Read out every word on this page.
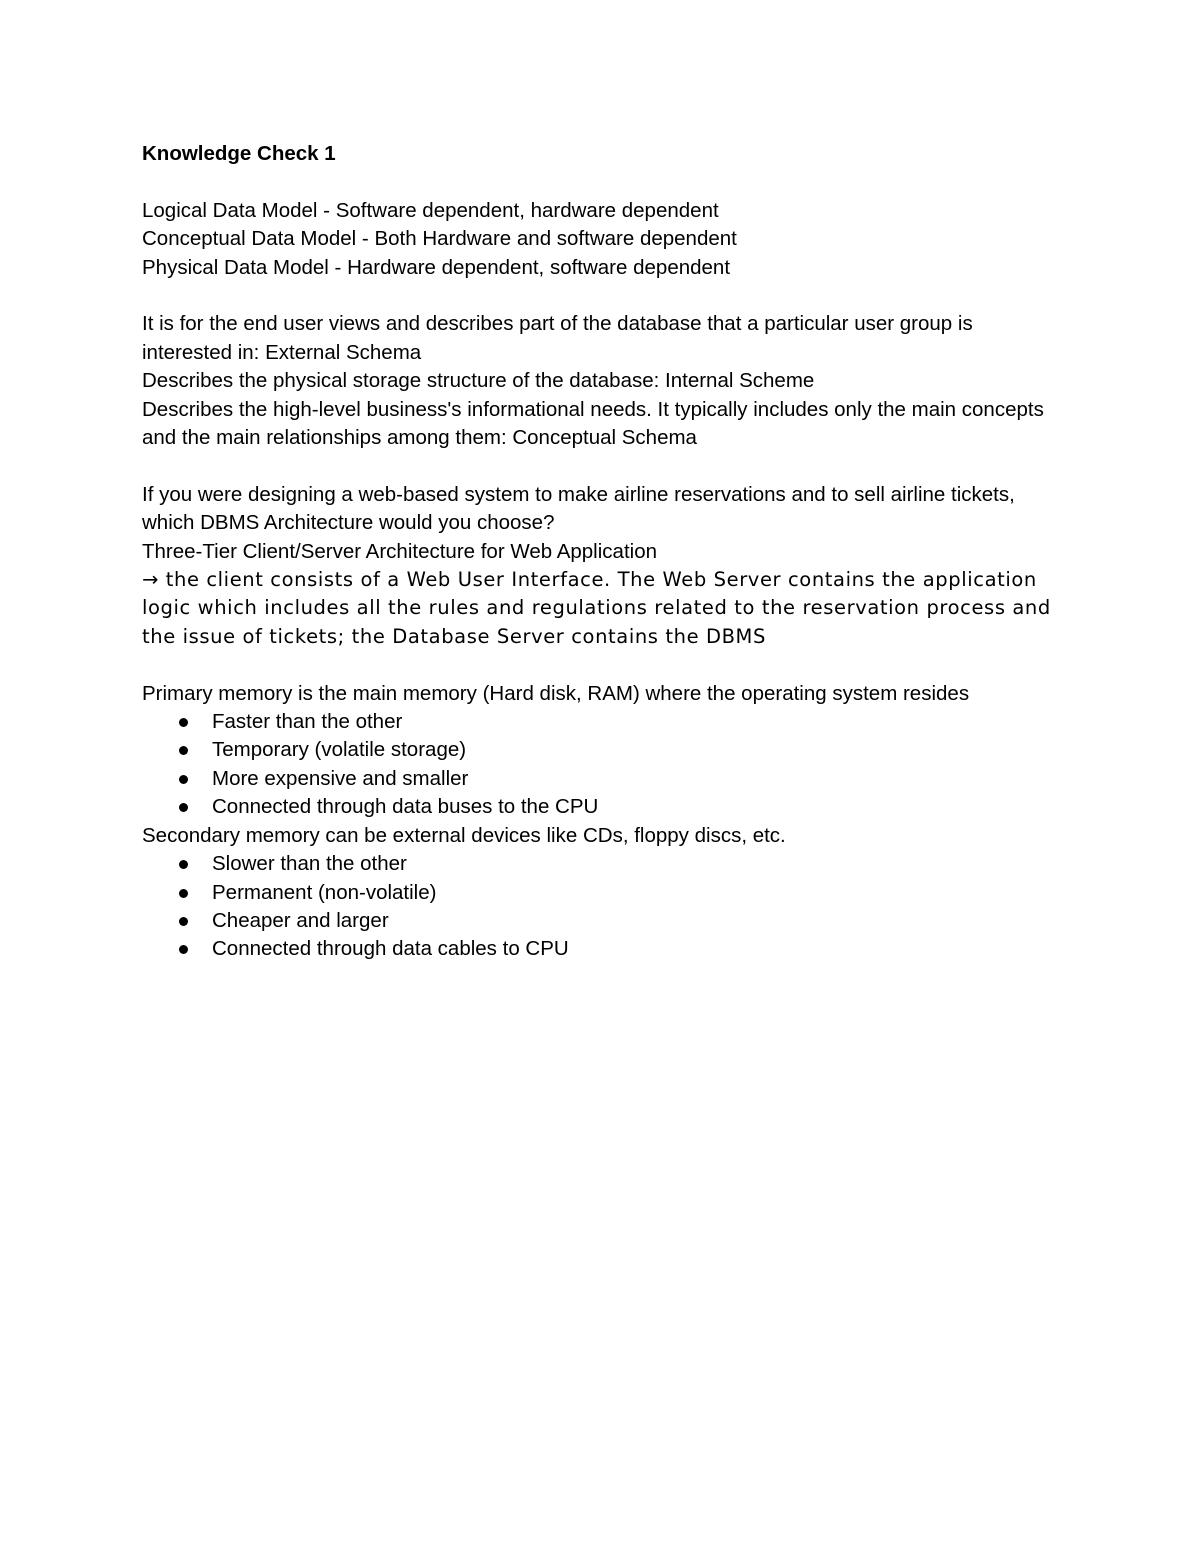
Knowledge Check 1

Logical Data Model - Software dependent, hardware dependent

Conceptual Data Model - Both Hardware and software dependent

Physical Data Model - Hardware dependent, software dependent

It is for the end user views and describes part of the database that a particular user group is interested in: External Schema

Describes the physical storage structure of the database: Internal Scheme

Describes the high-level business's informational needs. It typically includes only the main concepts and the main relationships among them: Conceptual Schema

If you were designing a web-based system to make airline reservations and to sell airline tickets, which DBMS Architecture would you choose?

Three-Tier Client/Server Architecture for Web Application

→ the client consists of a Web User Interface. The Web Server contains the application logic which includes all the rules and regulations related to the reservation process and the issue of tickets; the Database Server contains the DBMS

Primary memory is the main memory (Hard disk, RAM) where the operating system resides

Faster than the other
Temporary (volatile storage)
More expensive and smaller
Connected through data buses to the CPU

Secondary memory can be external devices like CDs, floppy discs, etc.

Slower than the other
Permanent (non-volatile)
Cheaper and larger
Connected through data cables to CPU
